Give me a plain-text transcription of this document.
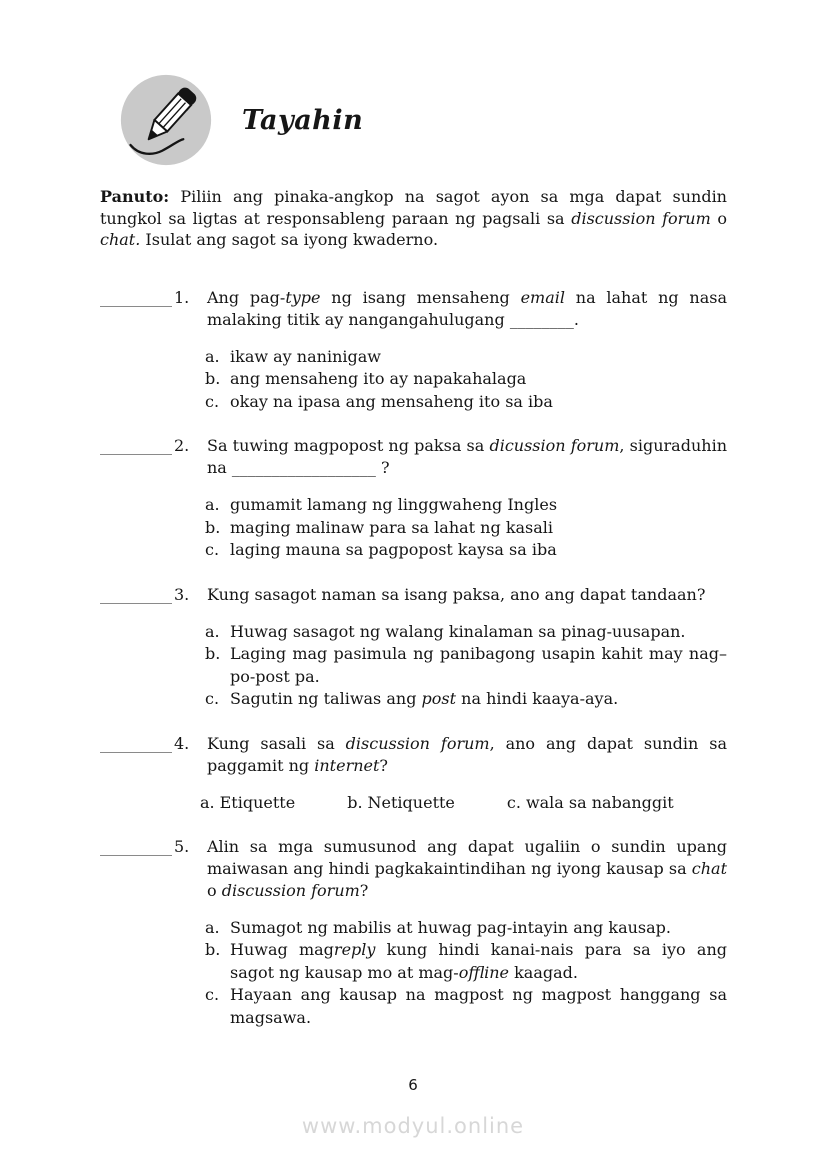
Tayahin

Panuto: Piliin ang pinaka-angkop na sagot ayon sa mga dapat sundin tungkol sa ligtas at responsableng paraan ng pagsali sa discussion forum o chat. Isulat ang sagot sa iyong kwaderno.

_________ 1.	Ang pag-type ng isang mensaheng email na lahat ng nasa malaking titik ay nangangahulugang ________.
a. ikaw ay naninigaw
b. ang mensaheng ito ay napakahalaga
c. okay na ipasa ang mensaheng ito sa iba
_________ 2.	Sa tuwing magpopost ng paksa sa dicussion forum, siguraduhin na __________________ ?
a. gumamit lamang ng linggwaheng Ingles
b. maging malinaw para sa lahat ng kasali
c. laging mauna sa pagpopost kaysa sa iba
_________ 3.	Kung sasagot naman sa isang paksa, ano ang dapat tandaan?
a. Huwag sasagot ng walang kinalaman sa pinag-uusapan.
b. Laging mag pasimula ng panibagong usapin kahit may nag–po-post pa.
c. Sagutin ng taliwas ang post na hindi kaaya-aya.
_________ 4.	Kung sasali sa discussion forum, ano ang dapat sundin sa paggamit ng internet?
a. Etiquette	b. Netiquette	c. wala sa nabanggit
_________ 5.	Alin sa mga sumusunod ang dapat ugaliin o sundin upang maiwasan ang hindi pagkakaintindihan ng iyong kausap sa chat o discussion forum?
a. Sumagot ng mabilis at huwag pag-intayin ang kausap.
b. Huwag magreply kung hindi kanai-nais para sa iyo ang sagot ng kausap mo at mag-offline kaagad.
c. Hayaan ang kausap na magpost ng magpost hanggang sa magsawa.
6
www.modyul.online
